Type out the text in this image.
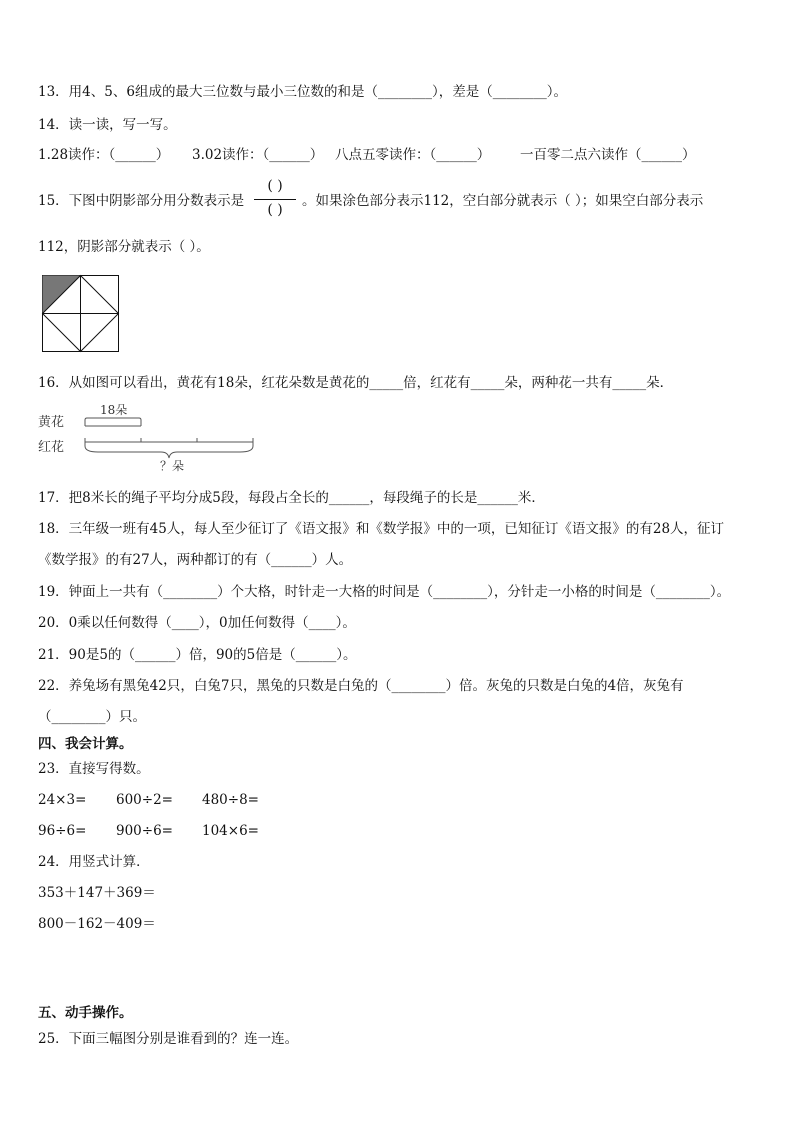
13．用4、5、6组成的最大三位数与最小三位数的和是（________），差是（________）。
14．读一读，写一写。
1.28读作：（______） 3.02读作：（______） 八点五零读作：（______） 一百零二点六读作（______）
15．下图中阴影部分用分数表示是
( )
( )
。如果涂色部分表示112，空白部分就表示（ ）；如果空白部分表示
112，阴影部分就表示（ ）。
16．从如图可以看出，黄花有18朵，红花朵数是黄花的_____倍，红花有_____朵，两种花一共有_____朵．
黄花
红花
18朵
？朵
17．把8米长的绳子平均分成5段，每段占全长的______，每段绳子的长是______米．
18．三年级一班有45人，每人至少征订了《语文报》和《数学报》中的一项，已知征订《语文报》的有28人，征订
《数学报》的有27人，两种都订的有（______）人。
19．钟面上一共有（________）个大格，时针走一大格的时间是（________），分针走一小格的时间是（________）。
20．0乘以任何数得（____），0加任何数得（____）。
21．90是5的（______）倍，90的5倍是（______）。
22．养兔场有黑兔42只，白兔7只，黑兔的只数是白兔的（________）倍。灰兔的只数是白兔的4倍，灰兔有
（________）只。
四、我会计算。
23．直接写得数。
24×3= 600÷2= 480÷8=
96÷6= 900÷6= 104×6=
24．用竖式计算．
353＋147＋369＝
800－162－409＝
五、动手操作。
25．下面三幅图分别是谁看到的？连一连。
